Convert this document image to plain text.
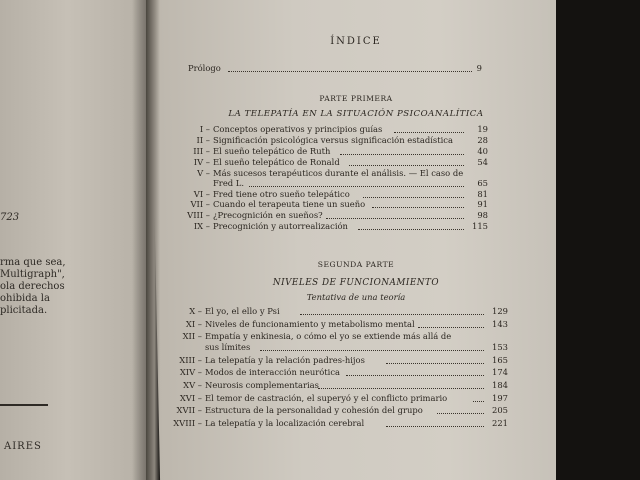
723
rma que sea,
Multigraph",
ola derechos
ohibida la
plicitada.
AIRES
ÍNDICE
Prólogo	9
PARTE PRIMERA
LA TELEPATÍA EN LA SITUACIÓN PSICOANALÍTICA
I – Conceptos operativos y principios guías	19
II – Significación psicológica versus significación estadística	28
III – El sueño telepático de Ruth	40
IV – El sueño telepático de Ronald	54
V – Más sucesos terapéuticos durante el análisis. — El caso de
Fred L.	65
VI – Fred tiene otro sueño telepático	81
VII – Cuando el terapeuta tiene un sueño	91
VIII – ¿Precognición en sueños?	98
IX – Precognición y autorrealización	115
SEGUNDA PARTE
NIVELES DE FUNCIONAMIENTO
Tentativa de una teoría
X – El yo, el ello y Psi	129
XI – Niveles de funcionamiento y metabolismo mental	143
XII – Empatía y enkinesia, o cómo el yo se extiende más allá de
sus límites	153
XIII – La telepatía y la relación padres-hijos	165
XIV – Modos de interacción neurótica	174
XV – Neurosis complementarias	184
XVI – El temor de castración, el superyó y el conflicto primario	197
XVII – Estructura de la personalidad y cohesión del grupo	205
XVIII – La telepatía y la localización cerebral	221
